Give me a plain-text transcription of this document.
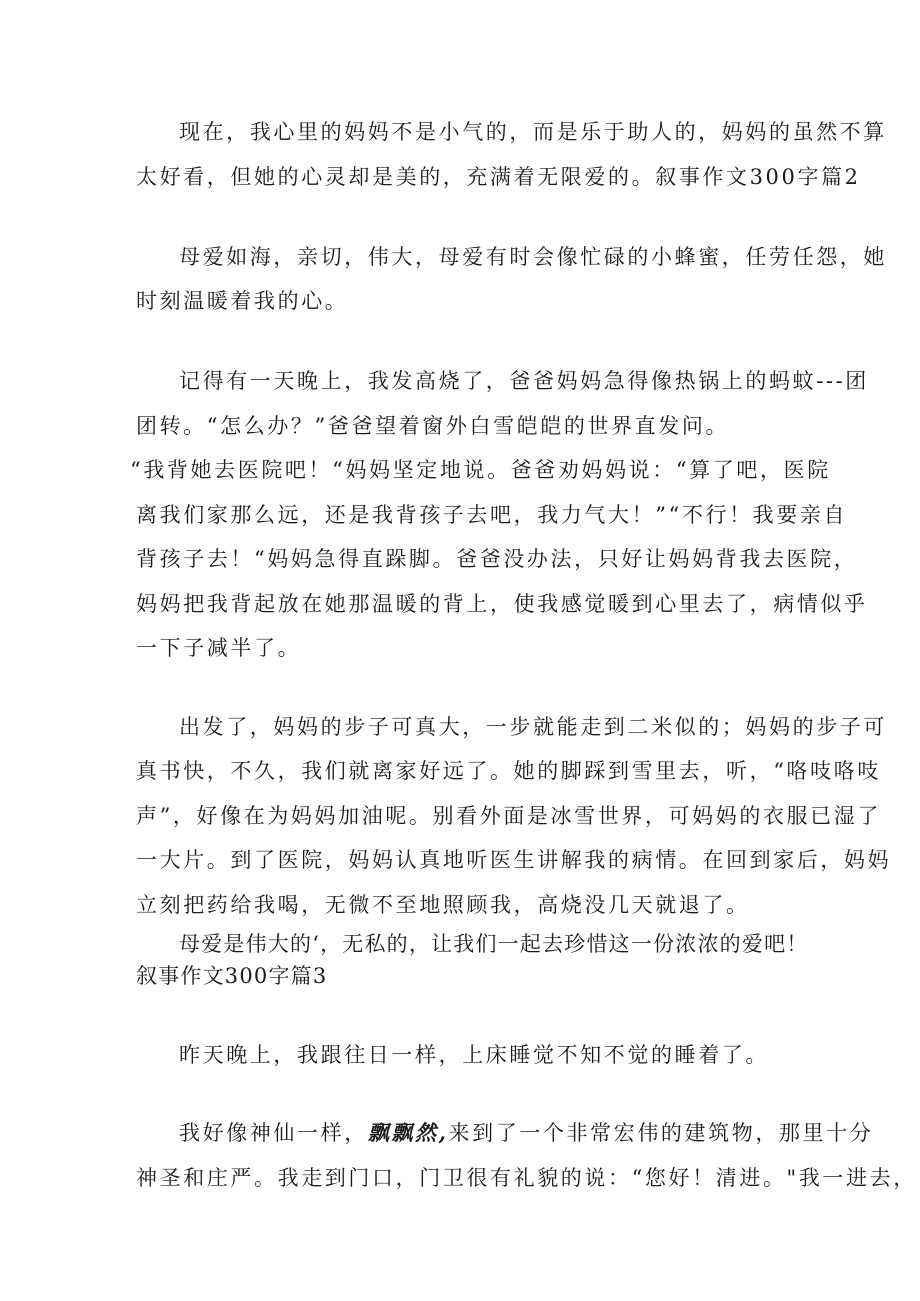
现在，我心里的妈妈不是小气的，而是乐于助人的，妈妈的虽然不算
太好看，但她的心灵却是美的，充满着无限爱的。叙事作文300字篇2
母爱如海，亲切，伟大，母爱有时会像忙碌的小蜂蜜，任劳任怨，她
时刻温暖着我的心。
记得有一天晚上，我发高烧了，爸爸妈妈急得像热锅上的蚂蚊---团
团转。“怎么办？”爸爸望着窗外白雪皑皑的世界直发问。
“我背她去医院吧！“妈妈坚定地说。爸爸劝妈妈说：“算了吧，医院
离我们家那么远，还是我背孩子去吧，我力气大！”“不行！我要亲自
背孩子去！“妈妈急得直跺脚。爸爸没办法，只好让妈妈背我去医院，
妈妈把我背起放在她那温暖的背上，使我感觉暖到心里去了，病情似乎
一下子减半了。
出发了，妈妈的步子可真大，一步就能走到二米似的；妈妈的步子可
真书快，不久，我们就离家好远了。她的脚踩到雪里去，听，“咯吱咯吱
声”，好像在为妈妈加油呢。别看外面是冰雪世界，可妈妈的衣服已湿了
一大片。到了医院，妈妈认真地听医生讲解我的病情。在回到家后，妈妈
立刻把药给我喝，无微不至地照顾我，高烧没几天就退了。
母爱是伟大的‘，无私的，让我们一起去珍惜这一份浓浓的爱吧！
叙事作文300字篇3
昨天晚上，我跟往日一样，上床睡觉不知不觉的睡着了。
我好像神仙一样，飘飘然,来到了一个非常宏伟的建筑物，那里十分
神圣和庄严。我走到门口，门卫很有礼貌的说：“您好！清进。"我一进去，
